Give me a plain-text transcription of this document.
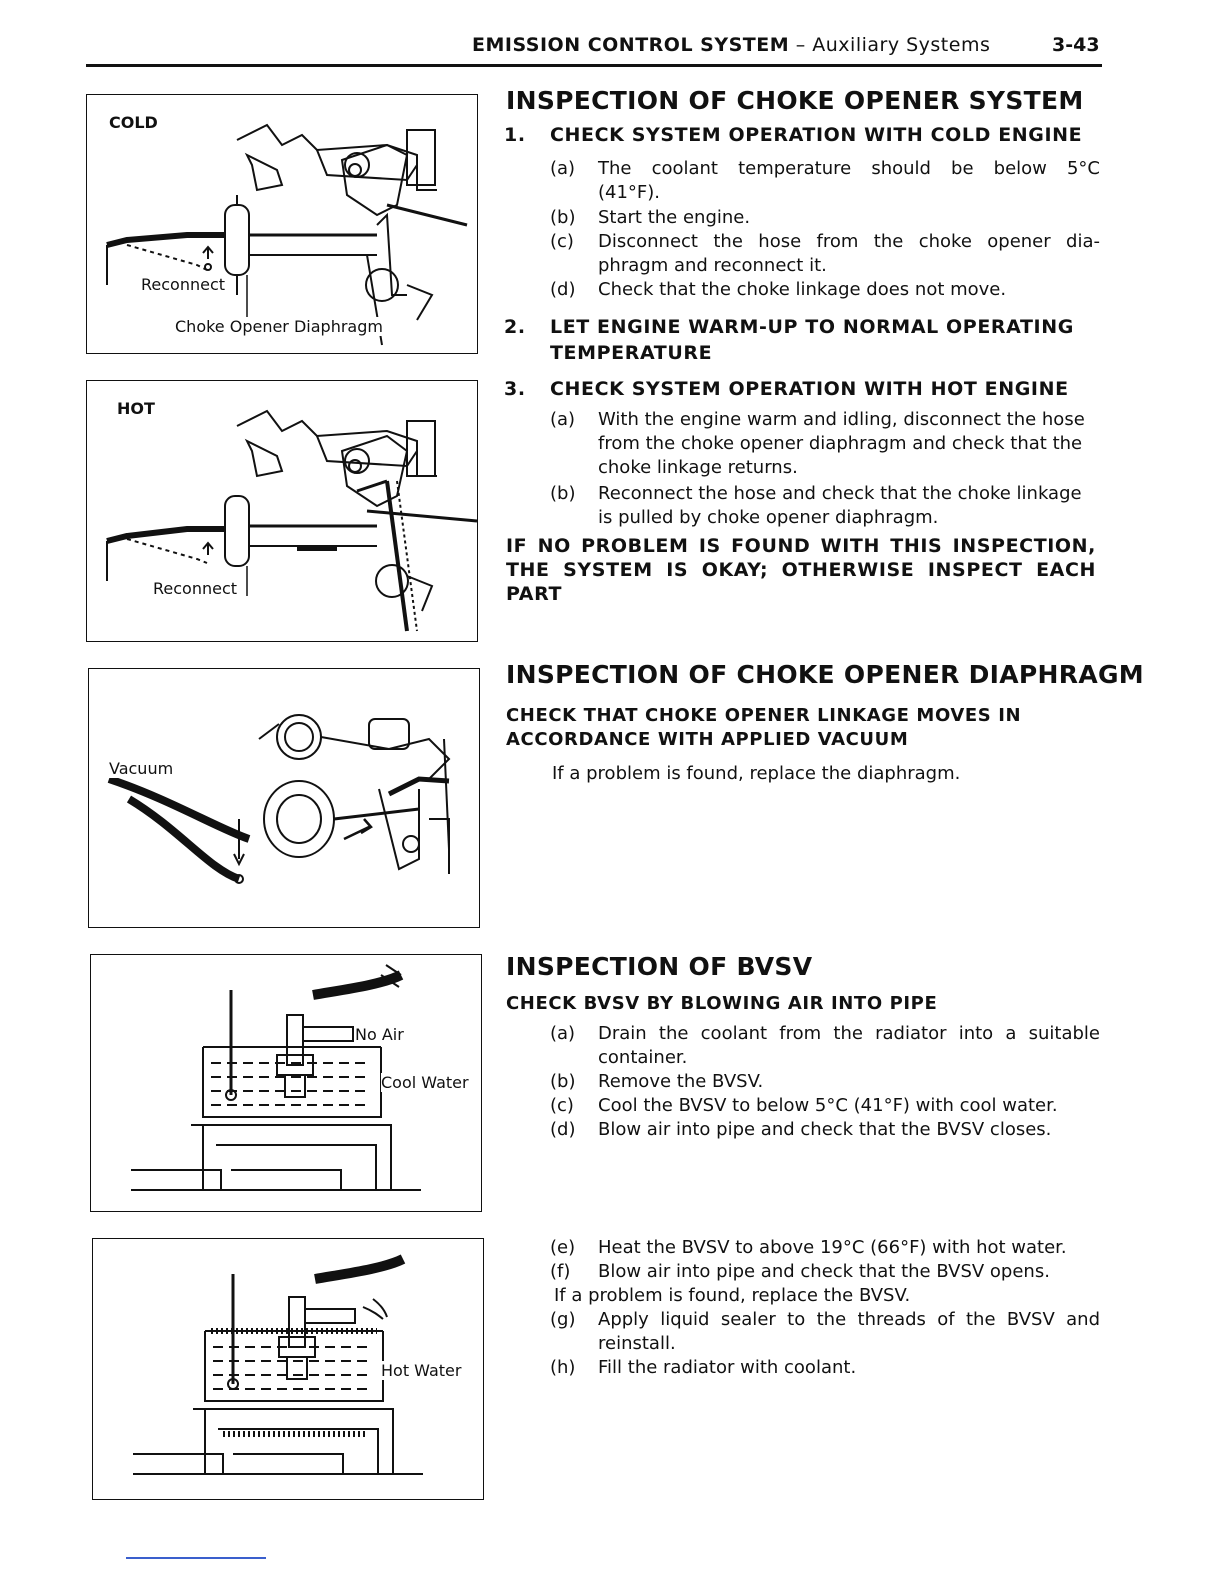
EMISSION CONTROL SYSTEM – Auxiliary Systems	3-43
COLD
Reconnect
Choke Opener Diaphragm
HOT
Reconnect
Vacuum
No Air
Cool Water
Hot Water
INSPECTION OF CHOKE OPENER SYSTEM
1. CHECK SYSTEM OPERATION WITH COLD ENGINE
(a) The coolant temperature should be below 5°C
(41°F).
(b) Start the engine.
(c) Disconnect the hose from the choke opener dia-
phragm and reconnect it.
(d) Check that the choke linkage does not move.
2. LET ENGINE WARM-UP TO NORMAL OPERATING TEMPERATURE
3. CHECK SYSTEM OPERATION WITH HOT ENGINE
(a) With the engine warm and idling, disconnect the hose
from the choke opener diaphragm and check that the
choke linkage returns.
(b) Reconnect the hose and check that the choke linkage
is pulled by choke opener diaphragm.
IF NO PROBLEM IS FOUND WITH THIS INSPECTION,
THE SYSTEM IS OKAY; OTHERWISE INSPECT EACH
PART
INSPECTION OF CHOKE OPENER DIAPHRAGM
CHECK THAT CHOKE OPENER LINKAGE MOVES IN
ACCORDANCE WITH APPLIED VACUUM
If a problem is found, replace the diaphragm.
INSPECTION OF BVSV
CHECK BVSV BY BLOWING AIR INTO PIPE
(a) Drain the coolant from the radiator into a suitable
container.
(b) Remove the BVSV.
(c) Cool the BVSV to below 5°C (41°F) with cool water.
(d) Blow air into pipe and check that the BVSV closes.
(e) Heat the BVSV to above 19°C (66°F) with hot water.
(f) Blow air into pipe and check that the BVSV opens.
If a problem is found, replace the BVSV.
(g) Apply liquid sealer to the threads of the BVSV and
reinstall.
(h) Fill the radiator with coolant.
